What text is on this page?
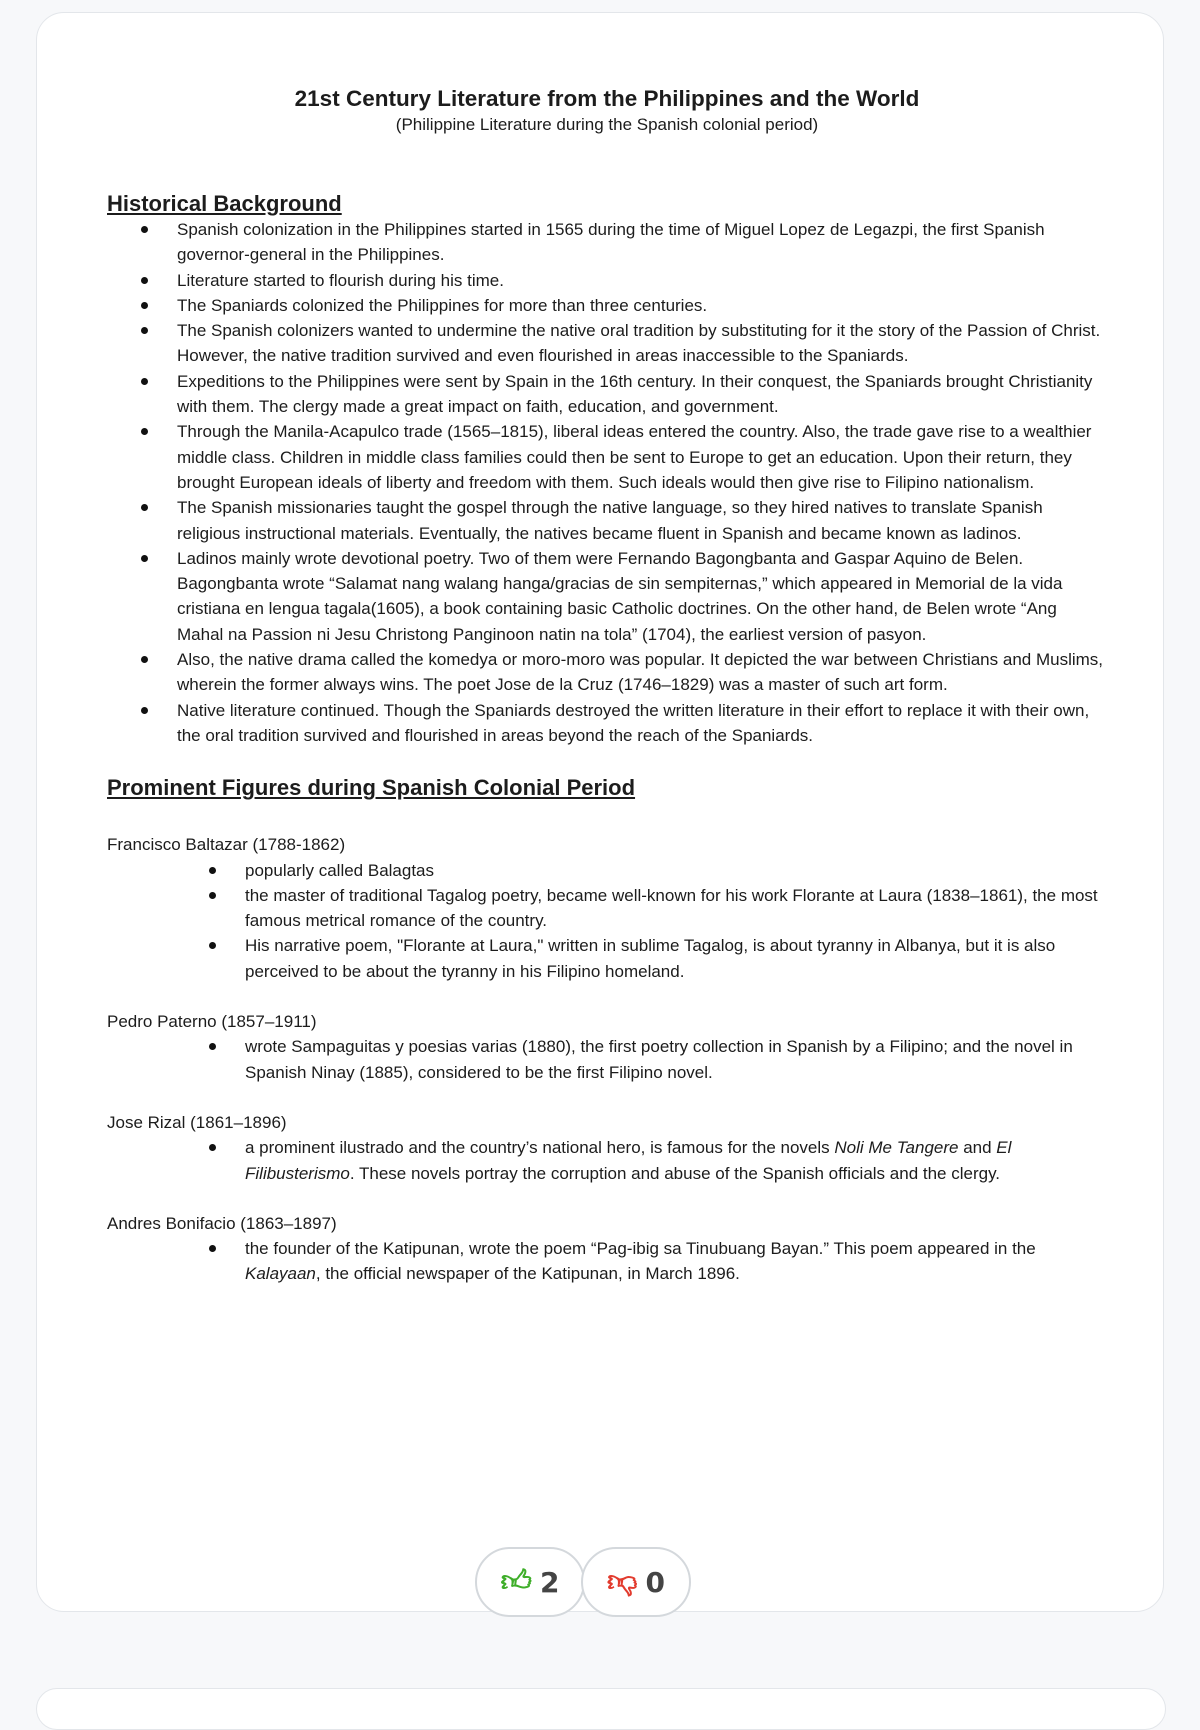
21st Century Literature from the Philippines and the World

(Philippine Literature during the Spanish colonial period)

Historical Background

Spanish colonization in the Philippines started in 1565 during the time of Miguel Lopez de Legazpi, the first Spanish governor-general in the Philippines.
Literature started to flourish during his time.
The Spaniards colonized the Philippines for more than three centuries.
The Spanish colonizers wanted to undermine the native oral tradition by substituting for it the story of the Passion of Christ. However, the native tradition survived and even flourished in areas inaccessible to the Spaniards.
Expeditions to the Philippines were sent by Spain in the 16th century. In their conquest, the Spaniards brought Christianity with them. The clergy made a great impact on faith, education, and government.
Through the Manila-Acapulco trade (1565–1815), liberal ideas entered the country. Also, the trade gave rise to a wealthier middle class. Children in middle class families could then be sent to Europe to get an education. Upon their return, they brought European ideals of liberty and freedom with them. Such ideals would then give rise to Filipino nationalism.
The Spanish missionaries taught the gospel through the native language, so they hired natives to translate Spanish religious instructional materials. Eventually, the natives became fluent in Spanish and became known as ladinos.
Ladinos mainly wrote devotional poetry. Two of them were Fernando Bagongbanta and Gaspar Aquino de Belen. Bagongbanta wrote “Salamat nang walang hanga/gracias de sin sempiternas,” which appeared in Memorial de la vida cristiana en lengua tagala(1605), a book containing basic Catholic doctrines. On the other hand, de Belen wrote “Ang Mahal na Passion ni Jesu Christong Panginoon natin na tola” (1704), the earliest version of pasyon.
Also, the native drama called the komedya or moro-moro was popular. It depicted the war between Christians and Muslims, wherein the former always wins. The poet Jose de la Cruz (1746–1829) was a master of such art form.
Native literature continued. Though the Spaniards destroyed the written literature in their effort to replace it with their own, the oral tradition survived and flourished in areas beyond the reach of the Spaniards.

Prominent Figures during Spanish Colonial Period

Francisco Baltazar (1788-1862)

popularly called Balagtas
the master of traditional Tagalog poetry, became well-known for his work Florante at Laura (1838–1861), the most famous metrical romance of the country.
His narrative poem, "Florante at Laura," written in sublime Tagalog, is about tyranny in Albanya, but it is also perceived to be about the tyranny in his Filipino homeland.

Pedro Paterno (1857–1911)

wrote Sampaguitas y poesias varias (1880), the first poetry collection in Spanish by a Filipino; and the novel in Spanish Ninay (1885), considered to be the first Filipino novel.

Jose Rizal (1861–1896)

a prominent ilustrado and the country’s national hero, is famous for the novels Noli Me Tangere and El Filibusterismo. These novels portray the corruption and abuse of the Spanish officials and the clergy.

Andres Bonifacio (1863–1897)

the founder of the Katipunan, wrote the poem “Pag-ibig sa Tinubuang Bayan.” This poem appeared in the Kalayaan, the official newspaper of the Katipunan, in March 1896.
👍︎ 2 👎︎ 0
